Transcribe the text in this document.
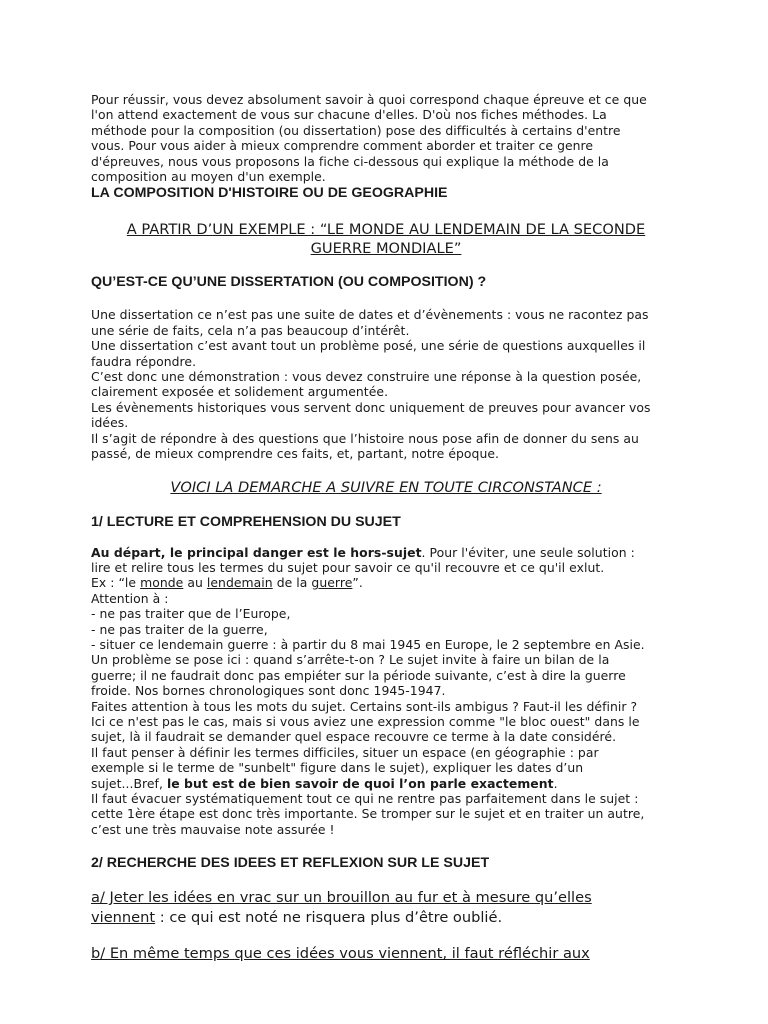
Pour réussir, vous devez absolument savoir à quoi correspond chaque épreuve et ce que

l'on attend exactement de vous sur chacune d'elles. D'où nos fiches méthodes. La

méthode pour la composition (ou dissertation) pose des difficultés à certains d'entre

vous. Pour vous aider à mieux comprendre comment aborder et traiter ce genre

d'épreuves, nous vous proposons la fiche ci-dessous qui explique la méthode de la

composition au moyen d'un exemple.

LA COMPOSITION D'HISTOIRE OU DE GEOGRAPHIE

A PARTIR D’UN EXEMPLE : “LE MONDE AU LENDEMAIN DE LA SECONDE

GUERRE MONDIALE”

QU’EST-CE QU’UNE DISSERTATION (OU COMPOSITION) ?

Une dissertation ce n’est pas une suite de dates et d’évènements : vous ne racontez pas

une série de faits, cela n’a pas beaucoup d’intérêt.

Une dissertation c’est avant tout un problème posé, une série de questions auxquelles il

faudra répondre.

C’est donc une démonstration : vous devez construire une réponse à la question posée,

clairement exposée et solidement argumentée.

Les évènements historiques vous servent donc uniquement de preuves pour avancer vos

idées.

Il s’agit de répondre à des questions que l’histoire nous pose afin de donner du sens au

passé, de mieux comprendre ces faits, et, partant, notre époque.

VOICI LA DEMARCHE A SUIVRE EN TOUTE CIRCONSTANCE :

1/ LECTURE ET COMPREHENSION DU SUJET

Au départ, le principal danger est le hors-sujet. Pour l'éviter, une seule solution :

lire et relire tous les termes du sujet pour savoir ce qu'il recouvre et ce qu'il exlut.

Ex : “le monde au lendemain de la guerre”.

Attention à :

- ne pas traiter que de l’Europe,

- ne pas traiter de la guerre,

- situer ce lendemain guerre : à partir du 8 mai 1945 en Europe, le 2 septembre en Asie.

Un problème se pose ici : quand s’arrête-t-on ? Le sujet invite à faire un bilan de la

guerre; il ne faudrait donc pas empiéter sur la période suivante, c’est à dire la guerre

froide. Nos bornes chronologiques sont donc 1945-1947.

Faites attention à tous les mots du sujet. Certains sont-ils ambigus ? Faut-il les définir ?

Ici ce n'est pas le cas, mais si vous aviez une expression comme "le bloc ouest" dans le

sujet, là il faudrait se demander quel espace recouvre ce terme à la date considéré.

Il faut penser à définir les termes difficiles, situer un espace (en géographie : par

exemple si le terme de "sunbelt" figure dans le sujet), expliquer les dates d’un

sujet...Bref, le but est de bien savoir de quoi l’on parle exactement.

Il faut évacuer systématiquement tout ce qui ne rentre pas parfaitement dans le sujet :

cette 1ère étape est donc très importante. Se tromper sur le sujet et en traiter un autre,

c’est une très mauvaise note assurée !

2/ RECHERCHE DES IDEES ET REFLEXION SUR LE SUJET

a/ Jeter les idées en vrac sur un brouillon au fur et à mesure qu’elles

viennent : ce qui est noté ne risquera plus d’être oublié.

b/ En même temps que ces idées vous viennent, il faut réfléchir aux
